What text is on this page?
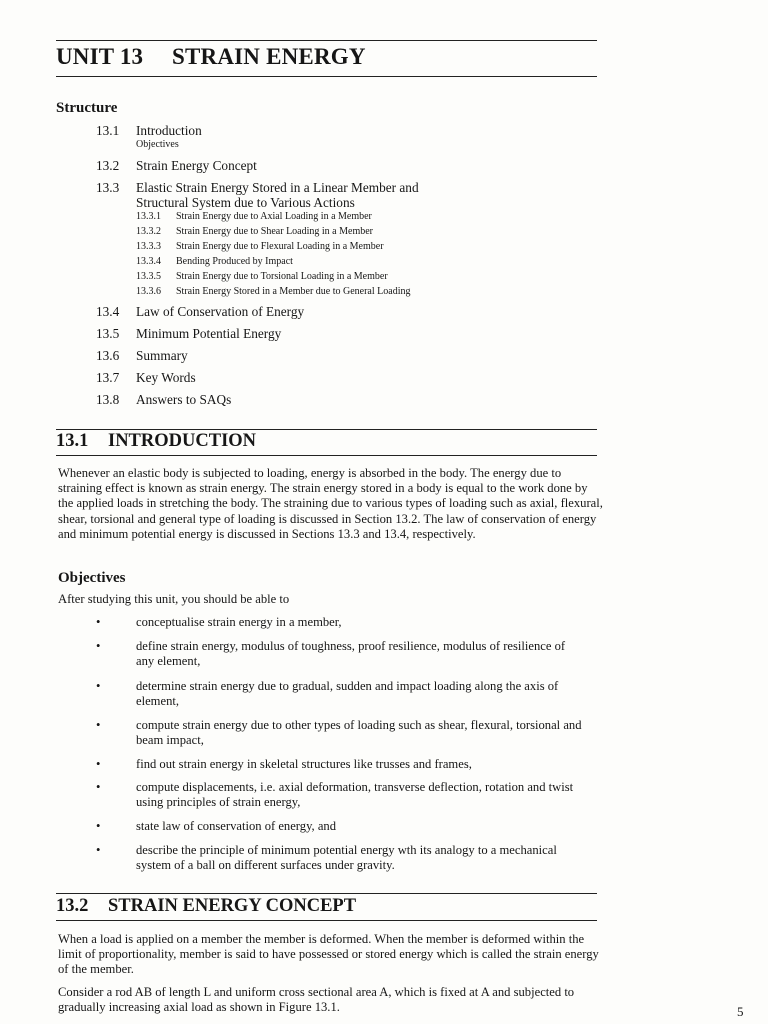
UNIT 13 STRAIN ENERGY
Structure
13.1 Introduction
Objectives
13.2 Strain Energy Concept
13.3 Elastic Strain Energy Stored in a Linear Member and Structural System due to Various Actions
13.3.1 Strain Energy due to Axial Loading in a Member
13.3.2 Strain Energy due to Shear Loading in a Member
13.3.3 Strain Energy due to Flexural Loading in a Member
13.3.4 Bending Produced by Impact
13.3.5 Strain Energy due to Torsional Loading in a Member
13.3.6 Strain Energy Stored in a Member due to General Loading
13.4 Law of Conservation of Energy
13.5 Minimum Potential Energy
13.6 Summary
13.7 Key Words
13.8 Answers to SAQs
13.1 INTRODUCTION
Whenever an elastic body is subjected to loading, energy is absorbed in the body. The energy due to straining effect is known as strain energy. The strain energy stored in a body is equal to the work done by the applied loads in stretching the body. The straining due to various types of loading such as axial, flexural, shear, torsional and general type of loading is discussed in Section 13.2. The law of conservation of energy and minimum potential energy is discussed in Sections 13.3 and 13.4, respectively.
Objectives
After studying this unit, you should be able to
•	conceptualise strain energy in a member,
•	define strain energy, modulus of toughness, proof resilience, modulus of resilience of any element,
•	determine strain energy due to gradual, sudden and impact loading along the axis of element,
•	compute strain energy due to other types of loading such as shear, flexural, torsional and beam impact,
•	find out strain energy in skeletal structures like trusses and frames,
•	compute displacements, i.e. axial deformation, transverse deflection, rotation and twist using principles of strain energy,
•	state law of conservation of energy, and
•	describe the principle of minimum potential energy wth its analogy to a mechanical system of a ball on different surfaces under gravity.
13.2 STRAIN ENERGY CONCEPT
When a load is applied on a member the member is deformed. When the member is deformed within the limit of proportionality, member is said to have possessed or stored energy which is called the strain energy of the member.
Consider a rod AB of length L and uniform cross sectional area A, which is fixed at A and subjected to gradually increasing axial load as shown in Figure 13.1.	5
